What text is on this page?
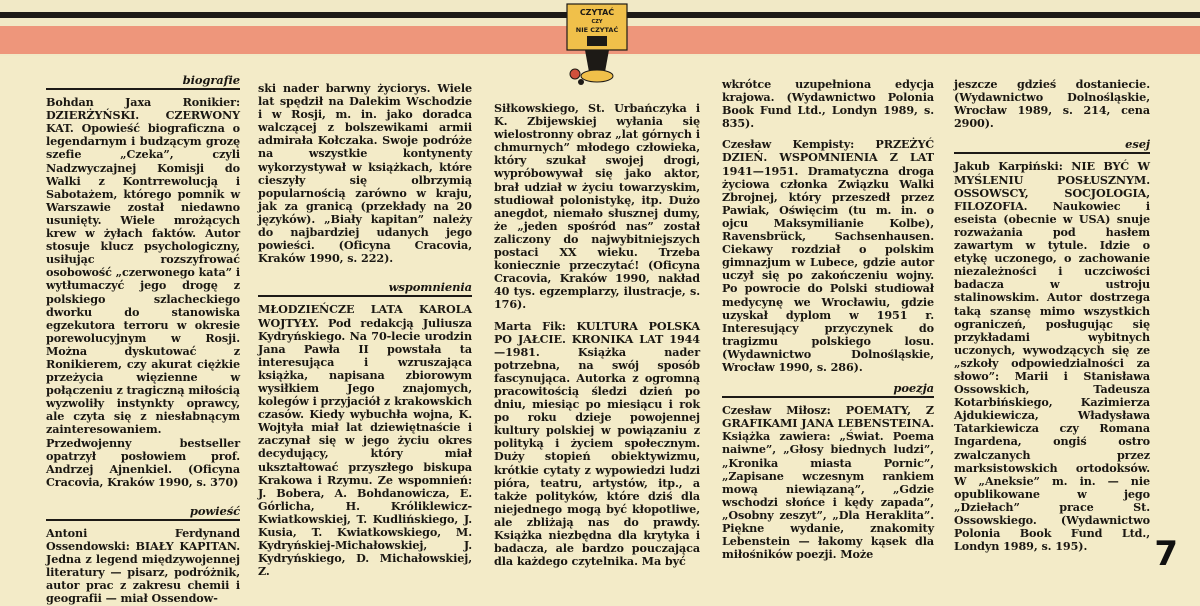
CZYTAĆ
CZY
NIE CZYTAĆ
biografie

Bohdan Jaxa Ronikier: DZIERŻYŃSKI. CZERWONY KAT. Opowieść biograficzna o legendarnym i budzącym grozę szefie „Czeka”, czyli Nadzwyczajnej Komisji do Walki z Kontrrewolucją i Sabotażem, którego pomnik w Warszawie został niedawno usunięty. Wiele mrożących krew w żyłach faktów. Autor stosuje klucz psychologiczny, usiłując rozszyfrować osobowość „czerwonego kata” i wytłumaczyć jego drogę z polskiego szlacheckiego dworku do stanowiska egzekutora terroru w okresie porewolucyjnym w Rosji. Można dyskutować z Ronikierem, czy akurat ciężkie przeżycia więzienne w połączeniu z tragiczną miłością wyzwoliły instynkty oprawcy, ale czyta się z niesłabnącym zainteresowaniem. Przedwojenny bestseller opatrzył posłowiem prof. Andrzej Ajnenkiel. (Oficyna Cracovia, Kraków 1990, s. 370)

powieść

Antoni Ferdynand Ossendowski: BIAŁY KAPITAN. Jedna z legend międzywojennej literatury — pisarz, podróżnik, autor prac z zakresu chemii i geografii — miał Ossendow-

ski nader barwny życiorys. Wiele lat spędził na Dalekim Wschodzie i w Rosji, m. in. jako doradca walczącej z bolszewikami armii admirała Kołczaka. Swoje podróże na wszystkie kontynenty wykorzystywał w książkach, które cieszyły się olbrzymią popularnością zarówno w kraju, jak za granicą (przekłady na 20 języków). „Biały kapitan” należy do najbardziej udanych jego powieści. (Oficyna Cracovia, Kraków 1990, s. 222).

wspomnienia

MŁODZIEŃCZE LATA KAROLA WOJTYŁY. Pod redakcją Juliusza Kydryńskiego. Na 70-lecie urodzin Jana Pawła II powstała ta interesująca i wzruszająca książka, napisana zbiorowym wysiłkiem Jego znajomych, kolegów i przyjaciół z krakowskich czasów. Kiedy wybuchła wojna, K. Wojtyła miał lat dziewiętnaście i zaczynał się w jego życiu okres decydujący, który miał ukształtować przyszłego biskupa Krakowa i Rzymu. Ze wspomnień: J. Bobera, A. Bohdanowicza, E. Górlicha, H. Króliklewicz-Kwiatkowskiej, T. Kudlińskiego, J. Kusia, T. Kwiatkowskiego, M. Kydryńskiej-Michałowskiej, J. Kydryńskiego, D. Michałowskiej, Z.

Siłkowskiego, St. Urbańczyka i K. Zbijewskiej wyłania się wielostronny obraz „lat górnych i chmurnych” młodego człowieka, który szukał swojej drogi, wypróbowywał się jako aktor, brał udział w życiu towarzyskim, studiował polonistykę, itp. Dużo anegdot, niemało słusznej dumy, że „jeden spośród nas” został zaliczony do najwybitniejszych postaci XX wieku. Trzeba koniecznie przeczytać! (Oficyna Cracovia, Kraków 1990, nakład 40 tys. egzemplarzy, ilustracje, s. 176).

Marta Fik: KULTURA POLSKA PO JAŁCIE. KRONIKA LAT 1944—1981. Książka nader potrzebna, na swój sposób fascynująca. Autorka z ogromną pracowitością śledzi dzień po dniu, miesiąc po miesiącu i rok po roku dzieje powojennej kultury polskiej w powiązaniu z polityką i życiem społecznym. Duży stopień obiektywizmu, krótkie cytaty z wypowiedzi ludzi pióra, teatru, artystów, itp., a także polityków, które dziś dla niejednego mogą być kłopotliwe, ale zbliżają nas do prawdy. Książka niezbędna dla krytyka i badacza, ale bardzo pouczająca dla każdego czytelnika. Ma być

wkrótce uzupełniona edycja krajowa. (Wydawnictwo Polonia Book Fund Ltd., Londyn 1989, s. 835).

Czesław Kempisty: PRZEŻYĆ DZIEŃ. WSPOMNIENIA Z LAT 1941—1951. Dramatyczna droga życiowa członka Związku Walki Zbrojnej, który przeszedł przez Pawiak, Oświęcim (tu m. in. o ojcu Maksymilianie Kolbe), Ravensbrück, Sachsenhausen. Ciekawy rozdział o polskim gimnazjum w Lubece, gdzie autor uczył się po zakończeniu wojny. Po powrocie do Polski studiował medycynę we Wrocławiu, gdzie uzyskał dyplom w 1951 r. Interesujący przyczynek do tragizmu polskiego losu. (Wydawnictwo Dolnośląskie, Wrocław 1990, s. 286).

poezja

Czesław Miłosz: POEMATY, Z GRAFIKAMI JANA LEBENSTEINA. Książka zawiera: „Świat. Poema naiwne”, „Głosy biednych ludzi”, „Kronika miasta Pornic”, „Zapisane wczesnym rankiem mową niewiązaną”, „Gdzie wschodzi słońce i kędy zapada”, „Osobny zeszyt”, „Dla Heraklita”. Piękne wydanie, znakomity Lebenstein — łakomy kąsek dla miłośników poezji. Może

jeszcze gdzieś dostaniecie. (Wydawnictwo Dolnośląskie, Wrocław 1989, s. 214, cena 2900).

esej

Jakub Karpiński: NIE BYĆ W MYŚLENIU POSŁUSZNYM. OSSOWSCY, SOCJOLOGIA, FILOZOFIA. Naukowiec i eseista (obecnie w USA) snuje rozważania pod hasłem zawartym w tytule. Idzie o etykę uczonego, o zachowanie niezależności i uczciwości badacza w ustroju stalinowskim. Autor dostrzega taką szansę mimo wszystkich ograniczeń, posługując się przykładami wybitnych uczonych, wywodzących się ze „szkoły odpowiedzialności za słowo”: Marii i Stanisława Ossowskich, Tadeusza Kotarbińskiego, Kazimierza Ajdukiewicza, Władysława Tatarkiewicza czy Romana Ingardena, ongiś ostro zwalczanych przez marksistowskich ortodoksów. W „Aneksie” m. in. — nie opublikowane w jego „Dziełach” prace St. Ossowskiego. (Wydawnictwo Polonia Book Fund Ltd., Londyn 1989, s. 195).	7
